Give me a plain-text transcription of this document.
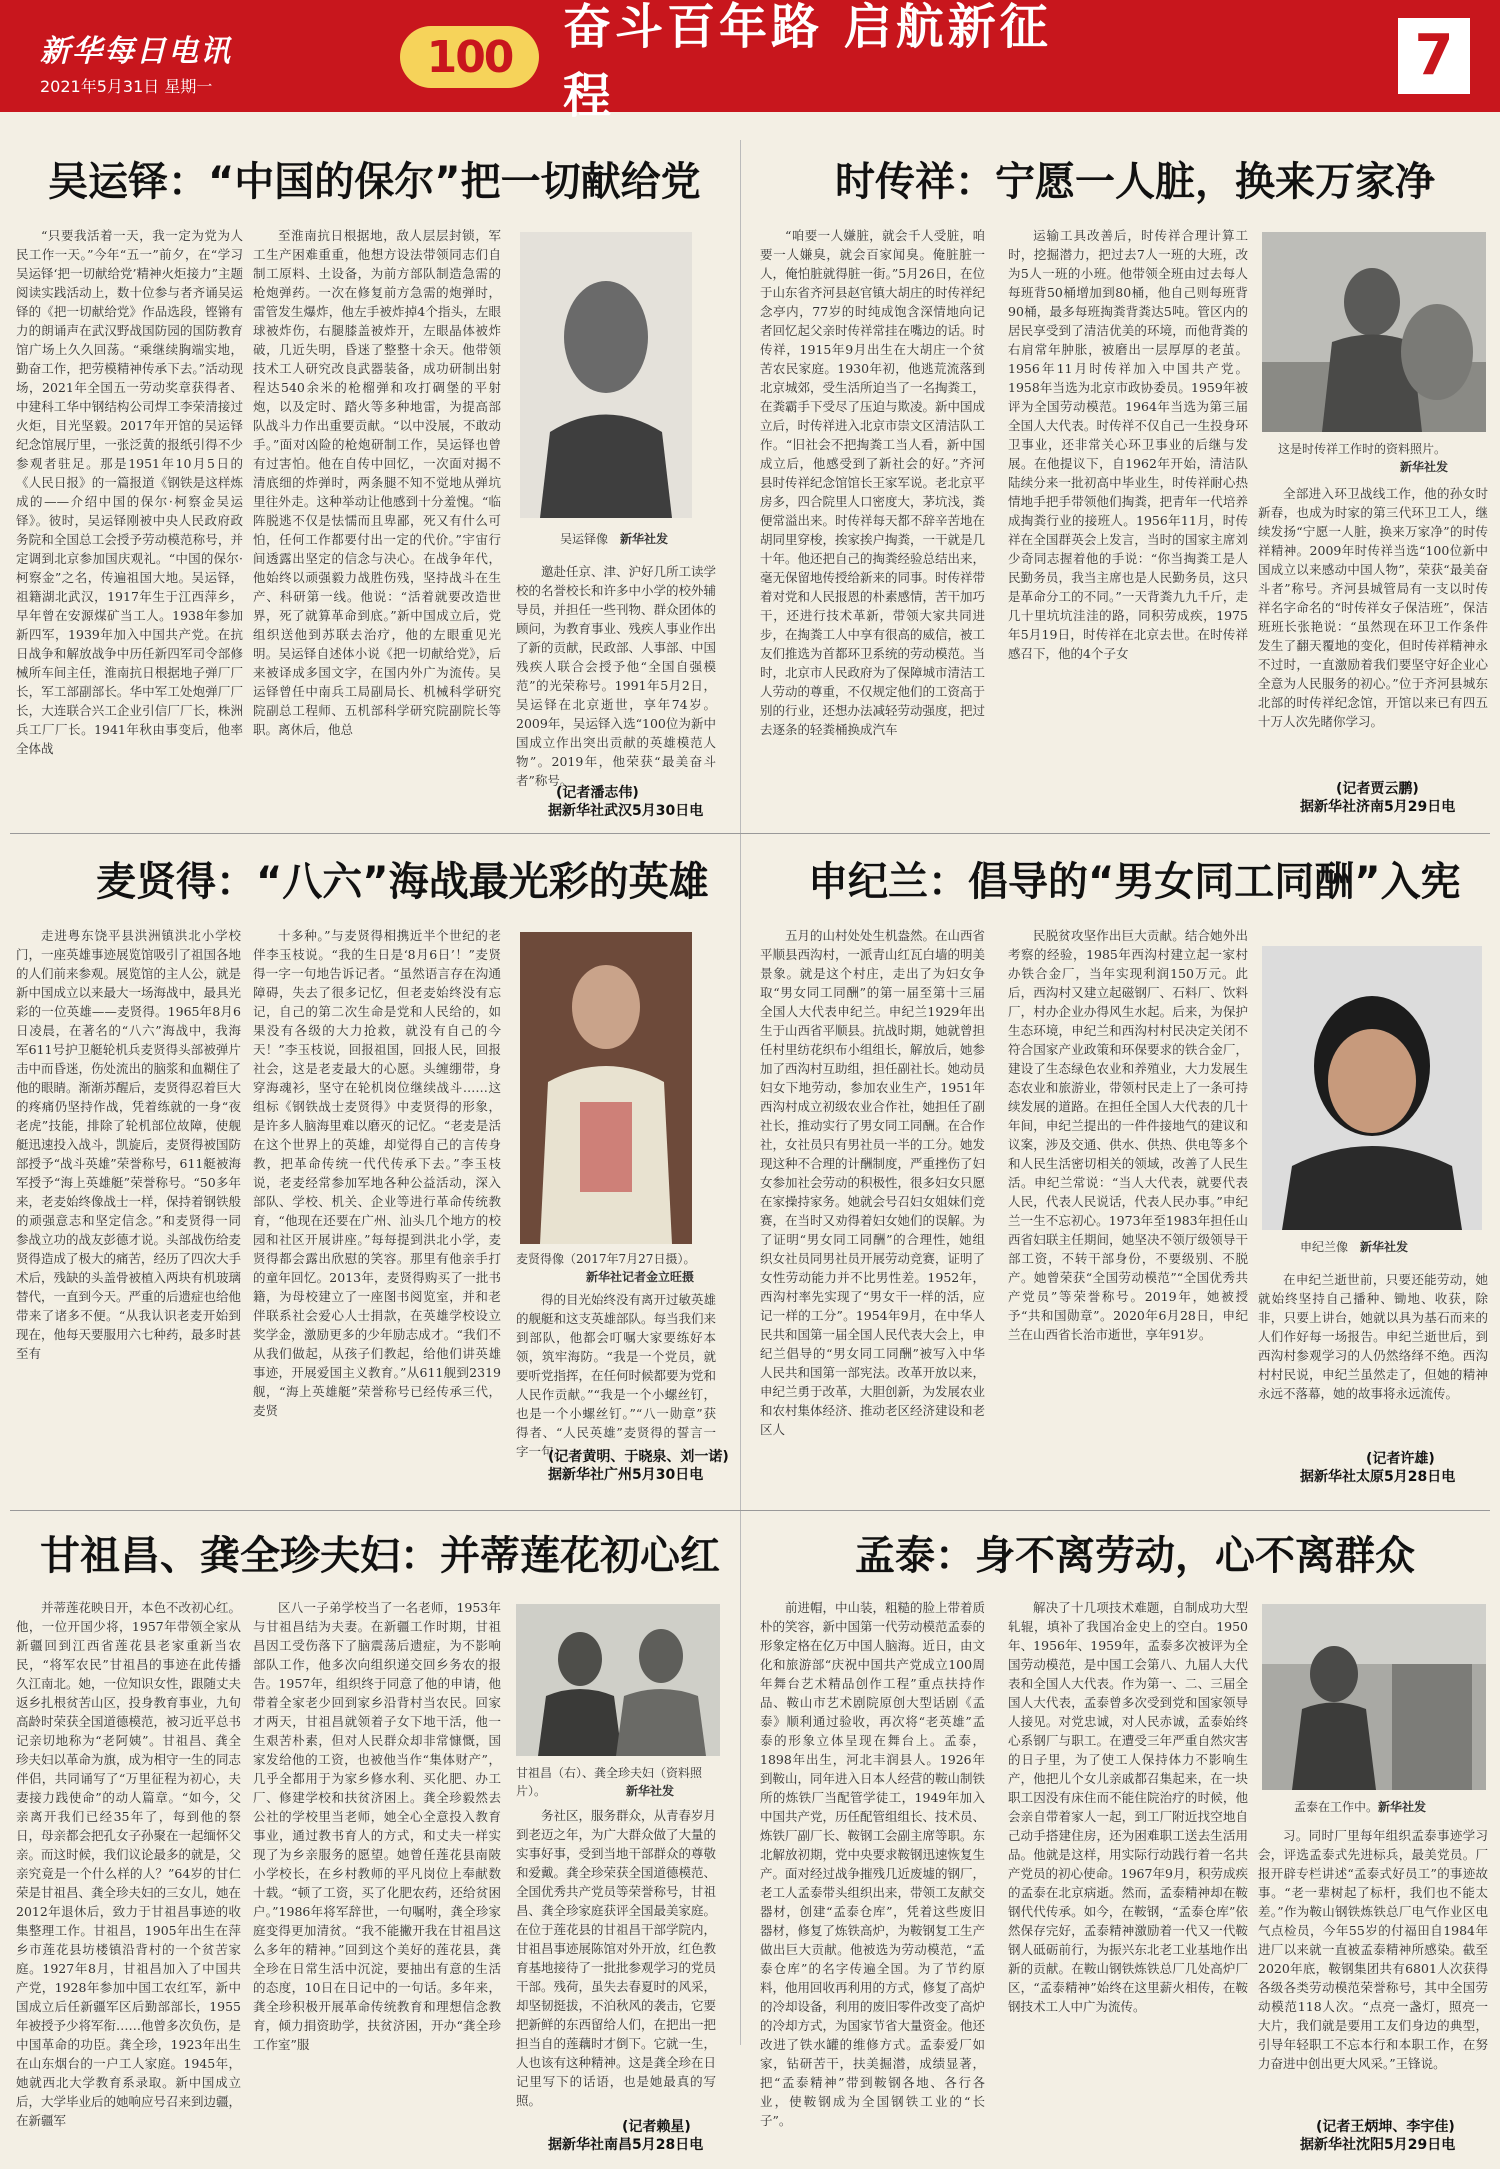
新华每日电讯
2021年5月31日 星期一
100
奋斗百年路 启航新征程
7
吴运铎：“中国的保尔”把一切献给党

“只要我活着一天，我一定为党为人民工作一天。”今年“五一”前夕，在“学习吴运铎‘把一切献给党’精神火炬接力”主题阅读实践活动上，数十位参与者齐诵吴运铎的《把一切献给党》作品选段，铿锵有力的朗诵声在武汉野战国防园的国防教育馆广场上久久回荡。“乘继续胸端实地，勤奋工作，把劳模精神传承下去。”活动现场，2021年全国五一劳动奖章获得者、中建科工华中钢结构公司焊工李荣清接过火炬，目光坚毅。2017年开馆的吴运铎纪念馆展厅里，一张泛黄的报纸引得不少参观者驻足。那是1951年10月5日的《人民日报》的一篇报道《钢铁是这样炼成的——介绍中国的保尔·柯察金吴运铎》。彼时，吴运铎刚被中央人民政府政务院和全国总工会授予劳动模范称号，并定调到北京参加国庆观礼。“中国的保尔·柯察金”之名，传遍祖国大地。吴运铎，祖籍湖北武汉，1917年生于江西萍乡，早年曾在安源煤矿当工人。1938年参加新四军，1939年加入中国共产党。在抗日战争和解放战争中历任新四军司令部修械所车间主任，淮南抗日根据地子弹厂厂长，军工部副部长。华中军工处炮弹厂厂长，大连联合兴工企业引信厂厂长，株洲兵工厂厂长。1941年秋由事变后，他率全体战

至淮南抗日根据地，敌人层层封锁，军工生产困难重重，他想方设法带领同志们自制工原料、土设备，为前方部队制造急需的枪炮弹药。一次在修复前方急需的炮弹时，雷管发生爆炸，他左手被炸掉4个指头，左眼球被炸伤，右腿膝盖被炸开，左眼晶体被炸破，几近失明，昏迷了整整十余天。他带领技术工人研究改良武器装备，成功研制出射程达540余米的枪榴弹和攻打碉堡的平射炮，以及定时、踏火等多种地雷，为提高部队战斗力作出重要贡献。“以中没展，不敢动手。”面对凶险的枪炮研制工作，吴运铎也曾有过害怕。他在自传中回忆，一次面对揭不清底细的炸弹时，两条腿不知不觉地从弹坑里往外走。这种举动让他感到十分羞愧。“临阵脱逃不仅是怯懦而且卑鄙，死又有什么可怕，任何工作都要付出一定的代价。”宇宙行间透露出坚定的信念与决心。在战争年代，他始终以顽强毅力战胜伤残，坚持战斗在生产、科研第一线。他说：“活着就要改造世界，死了就算革命到底。”新中国成立后，党组织送他到苏联去治疗，他的左眼重见光明。吴运铎自述体小说《把一切献给党》，后来被译成多国文字，在国内外广为流传。吴运铎曾任中南兵工局副局长、机械科学研究院副总工程师、五机部科学研究院副院长等职。离休后，他总

吴运铎像　 新华社发

邀赴任京、津、沪好几所工读学校的名誉校长和许多中小学的校外辅导员，并担任一些刊物、群众团体的顾问，为教育事业、残疾人事业作出了新的贡献，民政部、人事部、中国残疾人联合会授予他“全国自强模范”的光荣称号。1991年5月2日，吴运铎在北京逝世，享年74岁。2009年，吴运铎入选“100位为新中国成立作出突出贡献的英雄模范人物”。2019年，他荣获“最美奋斗者”称号。

(记者潘志伟)
据新华社武汉5月30日电
时传祥：宁愿一人脏，换来万家净

“咱要一人嫌脏，就会千人受脏，咱要一人嫌臭，就会百家闻臭。俺脏脏一人，俺怕脏就得脏一街。”5月26日，在位于山东省齐河县赵官镇大胡庄的时传祥纪念亭内，77岁的时纯成饱含深情地向记者回忆起父亲时传祥常挂在嘴边的话。时传祥，1915年9月出生在大胡庄一个贫苦农民家庭。1930年初，他逃荒流落到北京城郊，受生活所迫当了一名掏粪工，在粪霸手下受尽了压迫与欺凌。新中国成立后，时传祥进入北京市崇文区清洁队工作。“旧社会不把掏粪工当人看，新中国成立后，他感受到了新社会的好。”齐河县时传祥纪念馆馆长王家军说。老北京平房多，四合院里人口密度大，茅坑浅，粪便常溢出来。时传祥每天都不辞辛苦地在胡同里穿梭，挨家挨户掏粪，一干就是几十年。他还把自己的掏粪经验总结出来，毫无保留地传授给新来的同事。时传祥带着对党和人民报恩的朴素感情，苦干加巧干，还进行技术革新，带领大家共同进步，在掏粪工人中享有很高的威信，被工友们推选为首都环卫系统的劳动模范。当时，北京市人民政府为了保障城市清洁工人劳动的尊重，不仅规定他们的工资高于别的行业，还想办法减轻劳动强度，把过去逐条的轻粪桶换成汽车

运输工具改善后，时传祥合理计算工时，挖掘潜力，把过去7人一班的大班，改为5人一班的小班。他带领全班由过去每人每班背50桶增加到80桶，他自己则每班背90桶，最多每班掏粪背粪达5吨。管区内的居民享受到了清洁优美的环境，而他背粪的右肩常年肿胀，被磨出一层厚厚的老茧。1956年11月时传祥加入中国共产党。1958年当选为北京市政协委员。1959年被评为全国劳动模范。1964年当选为第三届全国人大代表。时传祥不仅自己一生投身环卫事业，还非常关心环卫事业的后继与发展。在他提议下，自1962年开始，清洁队陆续分来一批初高中毕业生，时传祥耐心热情地手把手带领他们掏粪，把青年一代培养成掏粪行业的接班人。1956年11月，时传祥在全国群英会上发言，当时的国家主席刘少奇同志握着他的手说：“你当掏粪工是人民勤务员，我当主席也是人民勤务员，这只是革命分工的不同。”一天背粪九九千斤，走几十里坑坑洼洼的路，同积劳成疾，1975年5月19日，时传祥在北京去世。在时传祥感召下，他的4个子女

这是时传祥工作时的资料照片。
新华社发

全部进入环卫战线工作，他的孙女时新春，也成为时家的第三代环卫工人，继续发扬“宁愿一人脏，换来万家净”的时传祥精神。2009年时传祥当选“100位新中国成立以来感动中国人物”，荣获“最美奋斗者”称号。齐河县城管局有一支以时传祥名字命名的“时传祥女子保洁班”，保洁班班长张艳说：“虽然现在环卫工作条件发生了翻天覆地的变化，但时传祥精神永不过时，一直激励着我们要坚守好企业心全意为人民服务的初心。”位于齐河县城东北部的时传祥纪念馆，开馆以来已有四五十万人次先睹你学习。

(记者贾云鹏)
据新华社济南5月29日电
麦贤得：“八六”海战最光彩的英雄

走进粤东饶平县洪洲镇洪北小学校门，一座英雄事迹展览馆吸引了祖国各地的人们前来参观。展览馆的主人公，就是新中国成立以来最大一场海战中，最具光彩的一位英雄——麦贤得。1965年8月6日凌晨，在著名的“八六”海战中，我海军611号护卫艇轮机兵麦贤得头部被弹片击中而昏迷，伤处流出的脑浆和血糊住了他的眼睛。渐渐苏醒后，麦贤得忍着巨大的疼痛仍坚持作战，凭着练就的一身“夜老虎”技能，排除了轮机部位故障，使舰艇迅速投入战斗，凯旋后，麦贤得被国防部授予“战斗英雄”荣誉称号，611艇被海军授予“海上英雄艇”荣誉称号。“50多年来，老麦始终像战士一样，保持着钢铁般的顽强意志和坚定信念。”和麦贤得一同参战立功的战友彭德才说。头部战伤给麦贤得造成了极大的痛苦，经历了四次大手术后，残缺的头盖骨被植入两块有机玻璃替代，一直到今天。严重的后遗症也给他带来了诸多不便。“从我认识老麦开始到现在，他每天要服用六七种药，最多时甚至有

十多种。”与麦贤得相携近半个世纪的老伴李玉枝说。“我的生日是‘8月6日’！”麦贤得一字一句地告诉记者。“虽然语言存在沟通障碍，失去了很多记忆，但老麦始终没有忘记，自己的第二次生命是党和人民给的，如果没有各级的大力抢救，就没有自己的今天！”李玉枝说，回报祖国，回报人民，回报社会，这是老麦最大的心愿。头缠绷带，身穿海魂衫，坚守在轮机岗位继续战斗……这组标《钢铁战士麦贤得》中麦贤得的形象，是许多人脑海里难以磨灭的记忆。“老麦是活在这个世界上的英雄，却觉得自己的言传身教，把革命传统一代代传承下去。”李玉枝说，老麦经常参加军地各种公益活动，深入部队、学校、机关、企业等进行革命传统教育，“他现在还要在广州、汕头几个地方的校园和社区开展讲座。”每每提到洪北小学，麦贤得都会露出欣慰的笑容。那里有他亲手打的童年回忆。2013年，麦贤得购买了一批书籍，为母校建立了一座图书阅览室，并和老伴联系社会爱心人士捐款，在英雄学校设立奖学金，激励更多的少年励志成才。“我们不从我们做起，从孩子们教起，给他们讲英雄事迹，开展爱国主义教育。”从611舰到2319舰，“海上英雄艇”荣誉称号已经传承三代，麦贤

麦贤得像（2017年7月27日摄）。
新华社记者金立旺摄

得的目光始终没有离开过敏英雄的舰艇和这支英雄部队。每当我们来到部队，他都会叮嘱大家要练好本领，筑牢海防。“我是一个党员，就要听党指挥，在任何时候都要为党和人民作贡献。”“我是一个小螺丝钉，也是一个小螺丝钉。”“八一勋章”获得者、“人民英雄”麦贤得的誓言一字一句。

(记者黄明、于晓泉、刘一诺)
据新华社广州5月30日电
申纪兰：倡导的“男女同工同酬”入宪

五月的山村处处生机盎然。在山西省平顺县西沟村，一派青山红瓦白墙的明美景象。就是这个村庄，走出了为妇女争取“男女同工同酬”的第一届至第十三届全国人大代表申纪兰。申纪兰1929年出生于山西省平顺县。抗战时期，她就曾担任村里纺花织布小组组长，解放后，她参加了西沟村互助组，担任副社长。她动员妇女下地劳动，参加农业生产，1951年西沟村成立初级农业合作社，她担任了副社长，推动实行了男女同工同酬。在合作社，女社员只有男社员一半的工分。她发现这种不合理的计酬制度，严重挫伤了妇女参加社会劳动的积极性，很多妇女只愿在家操持家务。她就会号召妇女姐妹们竞赛，在当时又劝得着妇女她们的误解。为了证明“男女同工同酬”的合理性，她组织女社员同男社员开展劳动竞赛，证明了女性劳动能力并不比男性差。1952年，西沟村率先实现了“男女干一样的活，应记一样的工分”。1954年9月，在中华人民共和国第一届全国人民代表大会上，申纪兰倡导的“男女同工同酬”被写入中华人民共和国第一部宪法。改革开放以来，申纪兰勇于改革，大胆创新，为发展农业和农村集体经济、推动老区经济建设和老区人

民脱贫攻坚作出巨大贡献。结合她外出考察的经验，1985年西沟村建立起一家村办铁合金厂，当年实现利润150万元。此后，西沟村又建立起磁钢厂、石料厂、饮料厂，村办企业办得风生水起。后来，为保护生态环境，申纪兰和西沟村村民决定关闭不符合国家产业政策和环保要求的铁合金厂，建设了生态绿色农业和养殖业，大力发展生态农业和旅游业，带领村民走上了一条可持续发展的道路。在担任全国人大代表的几十年间，申纪兰提出的一件件接地气的建议和议案，涉及交通、供水、供热、供电等多个和人民生活密切相关的领域，改善了人民生活。申纪兰常说：“当人大代表，就要代表人民，代表人民说话，代表人民办事。”申纪兰一生不忘初心。1973年至1983年担任山西省妇联主任期间，她坚决不领厅级领导干部工资，不转干部身份，不要级别、不脱产。她曾荣获“全国劳动模范”“全国优秀共产党员”等荣誉称号。2019年，她被授予“共和国勋章”。2020年6月28日，申纪兰在山西省长治市逝世，享年91岁。

申纪兰像　 新华社发

在申纪兰逝世前，只要还能劳动，她就始终坚持自己播种、锄地、收获，除非，只要上讲台，她就以具为基石而来的人们作好每一场报告。申纪兰逝世后，到西沟村参观学习的人仍然络绎不绝。西沟村村民说，申纪兰虽然走了，但她的精神永远不落幕，她的故事将永远流传。

(记者许雄)
据新华社太原5月28日电
甘祖昌、龚全珍夫妇：并蒂莲花初心红

并蒂莲花映日开，本色不改初心红。他，一位开国少将，1957年带领全家从新疆回到江西省莲花县老家重新当农民，“将军农民”甘祖昌的事迹在此传播久江南北。她，一位知识女性，跟随丈夫返乡扎根贫苦山区，投身教育事业，九旬高龄时荣获全国道德模范，被习近平总书记亲切地称为“老阿姨”。甘祖昌、龚全珍夫妇以革命为旗，成为相守一生的同志伴侣，共同诵写了“万里征程为初心，夫妻接力践使命”的动人篇章。“如今，父亲离开我们已经35年了，每到他的祭日，母亲都会把孔女子孙聚在一起缅怀父亲。而这时候，我们议论最多的就是，父亲究竟是一个什么样的人？”64岁的甘仁荣是甘祖昌、龚全珍夫妇的三女儿，她在2012年退休后，致力于甘祖昌事迹的收集整理工作。甘祖昌，1905年出生在萍乡市莲花县坊楼镇沿背村的一个贫苦家庭。1927年8月，甘祖昌加入了中国共产党，1928年参加中国工农红军，新中国成立后任新疆军区后勤部部长，1955年被授予少将军衔……他曾多次负伤，是中国革命的功臣。龚全珍，1923年出生在山东烟台的一户工人家庭。1945年，她就西北大学教育系录取。新中国成立后，大学毕业后的她响应号召来到边疆，在新疆军

区八一子弟学校当了一名老师，1953年与甘祖昌结为夫妻。在新疆工作时期，甘祖昌因工受伤落下了脑震荡后遗症，为不影响部队工作，他多次向组织递交回乡务农的报告。1957年，组织终于同意了他的申请，他带着全家老少回到家乡沿背村当农民。回家才两天，甘祖昌就领着子女下地干活，他一生艰苦朴素，但对人民群众却非常慷慨，国家发给他的工资，也被他当作“集体财产”，几乎全都用于为家乡修水利、买化肥、办工厂、修建学校和扶贫济困上。龚全珍毅然去公社的学校里当老师，她全心全意投入教育事业，通过教书育人的方式，和丈夫一样实现了为乡亲服务的愿望。她曾任莲花县南陂小学校长，在乡村教师的平凡岗位上奉献数十载。“顿了工资，买了化肥农药，还给贫困户。”1986年将军辞世，一句嘱咐，龚全珍家庭变得更加清贫。“我不能撇开我在甘祖昌这么多年的精神。”回到这个美好的莲花县，龚全珍在日常生活中沉淀，要抽出有意的生活的态度，10日在日记中的一句话。多年来，龚全珍积极开展革命传统教育和理想信念教育，倾力捐资助学，扶贫济困，开办“龚全珍工作室”服

甘祖昌（右）、龚全珍夫妇（资料照片）。	新华社发

务社区，服务群众，从青春岁月到老迈之年，为广大群众做了大量的实事好事，受到当地干部群众的尊敬和爱戴。龚全珍荣获全国道德模范、全国优秀共产党员等荣誉称号，甘祖昌、龚全珍家庭获评全国最美家庭。在位于莲花县的甘祖昌干部学院内，甘祖昌事迹展陈馆对外开放，红色教育基地接待了一批批参观学习的党员干部。残荷，虽失去春夏时的风采，却坚韧挺拔，不泊秋风的袭击，它要把新鲜的东西留给人们，在把出一把担当自的莲藕时才倒下。它就一生，人也该有这种精神。这是龚全珍在日记里写下的话语，也是她最真的写照。

(记者赖星)
据新华社南昌5月28日电
孟泰：身不离劳动，心不离群众

前进帽，中山装，粗糙的脸上带着质朴的笑容，新中国第一代劳动模范孟泰的形象定格在亿万中国人脑海。近日，由文化和旅游部“庆祝中国共产党成立100周年舞台艺术精品创作工程”重点扶持作品、鞍山市艺术剧院原创大型话剧《孟泰》顺利通过验收，再次将“老英雄”孟泰的形象立体呈现在舞台上。孟泰，1898年出生，河北丰润县人。1926年到鞍山，同年进入日本人经营的鞍山制铁所的炼铁厂当配管学徒工，1949年加入中国共产党，历任配管组组长、技术员、炼铁厂副厂长、鞍钢工会副主席等职。东北解放初期，党中央要求鞍钢迅速恢复生产。面对经过战争摧残几近废墟的钢厂，老工人孟泰带头组织出来，带领工友献交器材，创建“孟泰仓库”，凭着这些废旧器材，修复了炼铁高炉，为鞍钢复工生产做出巨大贡献。他被选为劳动模范，“孟泰仓库”的名字传遍全国。为了节约原料，他用回收再利用的方式，修复了高炉的冷却设备，利用的废旧零件改变了高炉的冷却方式，为国家节省大量资金。他还改进了铁水罐的维修方式。孟泰爱厂如家，钻研苦干，扶美掘潜，成绩显著，把“孟泰精神”带到鞍钢各地、各行各业，使鞍钢成为全国钢铁工业的“长子”。

解决了十几项技术难题，自制成功大型轧辊，填补了我国冶金史上的空白。1950年、1956年、1959年，孟泰多次被评为全国劳动模范，是中国工会第八、九届人大代表和全国人大代表。作为第一、二、三届全国人大代表，孟泰曾多次受到党和国家领导人接见。对党忠诚，对人民赤诚，孟泰始终心系钢厂与职工。在遭受三年严重自然灾害的日子里，为了使工人保持体力不影响生产，他把儿个女儿亲戚都召集起来，在一块职工因没有床住而不能住院治疗的时候，他会亲自带着家人一起，到工厂附近找空地自己动手搭建住房，还为困难职工送去生活用品。他就是这样，用实际行动践行着一名共产党员的初心使命。1967年9月，积劳成疾的孟泰在北京病逝。然而，孟泰精神却在鞍钢代代传承。如今，在鞍钢，“孟泰仓库”依然保存完好，孟泰精神激励着一代又一代鞍钢人砥砺前行，为振兴东北老工业基地作出新的贡献。在鞍山钢铁炼铁总厂几处高炉厂区，“孟泰精神”始终在这里薪火相传，在鞍钢技术工人中广为流传。

孟泰在工作中。新华社发

习。同时厂里每年组织孟泰事迹学习会，评选孟泰式先进标兵，最美党员。厂报开辟专栏讲述“孟泰式好员工”的事迹故事。“老一辈树起了标杆，我们也不能太差。”作为鞍山钢铁炼铁总厂电气作业区电气点检员，今年55岁的付福田自1984年进厂以来就一直被孟泰精神所感染。截至2020年底，鞍钢集团共有6801人次获得各级各类劳动模范荣誉称号，其中全国劳动模范118人次。“点亮一盏灯，照亮一大片，我们就是要用工友们身边的典型，引导年轻职工不忘本行和本职工作，在努力奋进中创出更大风采。”王锋说。

(记者王炳坤、李宇佳)
据新华社沈阳5月29日电
